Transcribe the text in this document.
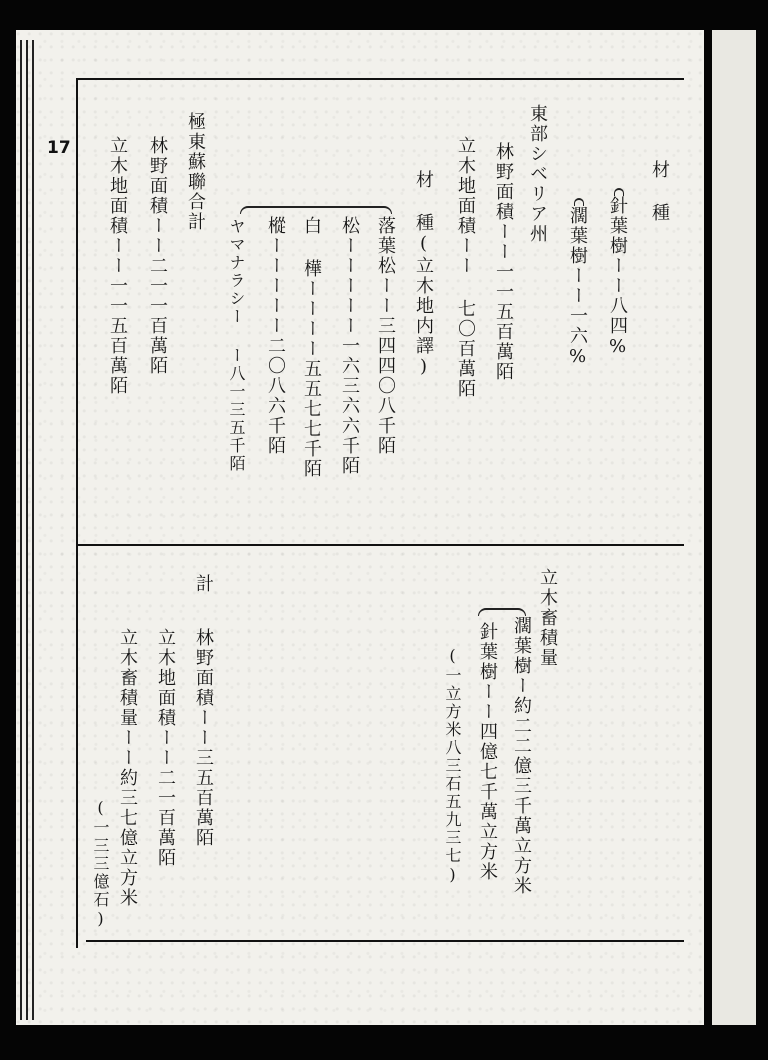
17
材 種
針葉樹ーー八四%
濶葉樹ーー一六%
東部シベリア州
林野面積ーー一一五百萬陌
立木地面積ーー 七〇百萬陌
材 種(立木地内譯)
落葉松ーー三四四〇八千陌
松ーーーーー一六三六六千陌
白 樺ーーーー五五七七千陌
樅ーーーーー二〇八六千陌
ヤマナラシー ー八一三五千陌
極東蘇聯合計
林野面積ーー二一一百萬陌
立木地面積ーー一一五百萬陌
立木畜積量
濶葉樹ー約二二億三千萬立方米
針葉樹ーー四億七千萬立方米
(一立方米八三石五九三七)
計
林野面積ーー三五百萬陌
立木地面積ーー二一百萬陌
立木畜積量ーー約三七億立方米
(一三三億石)
